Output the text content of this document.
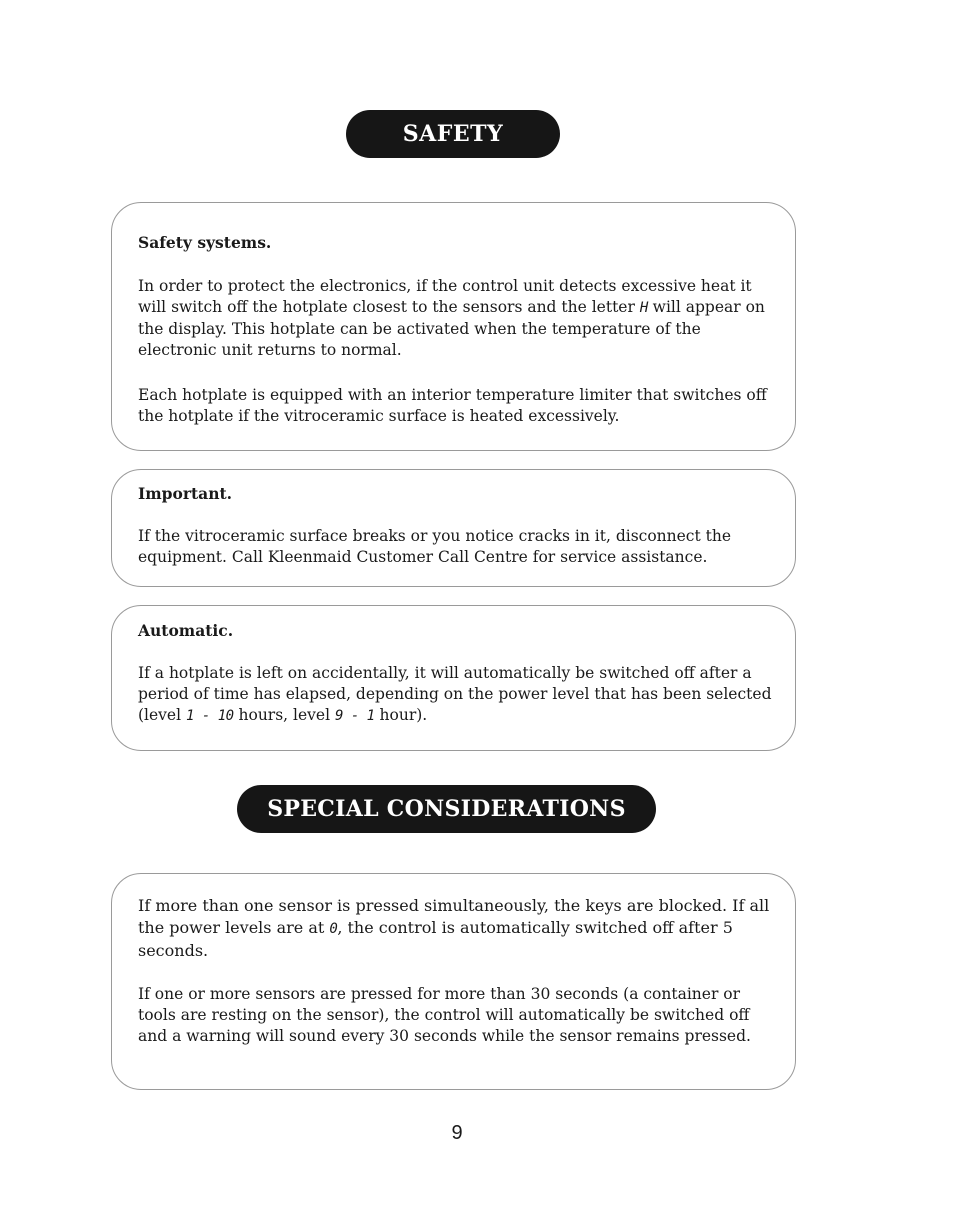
SAFETY

Safety systems.

In order to protect the electronics, if the control unit detects excessive heat it will switch off the hotplate closest to the sensors and the letter H will appear on the display. This hotplate can be activated when the temperature of the electronic unit returns to normal.

Each hotplate is equipped with an interior temperature limiter that switches off the hotplate if the vitroceramic surface is heated excessively.

Important.

If the vitroceramic surface breaks or you notice cracks in it, disconnect the equipment. Call Kleenmaid Customer Call Centre for service assistance.

Automatic.

If a hotplate is left on accidentally, it will automatically be switched off after a period of time has elapsed, depending on the power level that has been selected (level 1 - 10 hours, level 9 - 1 hour).

SPECIAL CONSIDERATIONS

If more than one sensor is pressed simultaneously, the keys are blocked. If all the power levels are at 0, the control is automatically switched off after 5 seconds.

If one or more sensors are pressed for more than 30 seconds (a container or tools are resting on the sensor), the control will automatically be switched off and a warning will sound every 30 seconds while the sensor remains pressed.

9
